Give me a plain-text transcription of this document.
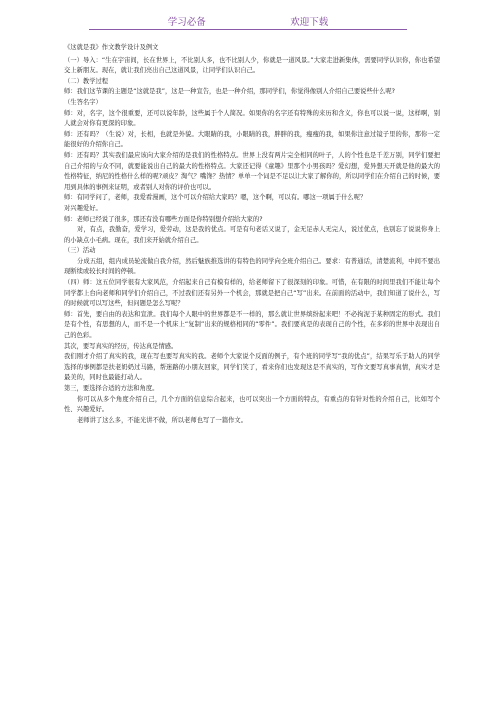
学习必备	欢迎下载

《这就是我》作文教学设计及例文

（一）导入：“生在宇宙间，长在世界上，不比别人多，也不比别人少，你就是一道风景。”大家走进新集体，需要同学认识你，你也希望交上新朋友。现在，就让我们亮出自己这道风景，让同学们认识自己。

（二）教学过程

师：我们这节课的主题是“这就是我”，这是一种宣告，也是一种介绍，那同学们，你觉得像别人介绍自己要说些什么呢?

（生答名字）

师：对，名字，这个很重要，还可以说年龄，这些属于个人简况。如果你的名字还有特殊的来历和含义，你也可以说一说，这样啊，别人就会对你有更深的印象。

师：还有吗？（生说）对，长相，也就是外貌。大眼睛的我，小眼睛的我，胖胖的我，瘦瘦的我，如果你注意过镜子里的你，那你一定能很好的介绍你自己。

师：还有吗？其实我们最应该向大家介绍的是我们的性格特点。世界上没有两片完全相同的叶子，人的个性也是千差万别，同学们要把自己介绍的与众不同，就要能说出自己的最大的性格特点。大家还记得《童趣》里那个小男孩吗？爱幻想，爱异想天开就是他的最大的性格特征，纳尼的性格什么样的呢?顽皮？淘气？嘴馋？热情？单单一个词是不足以让大家了解你的，所以同学们在介绍自己的时候，要用到具体的事例来证明，或者别人对你的评价也可以。

师：有同学问了，老师，我爱看漫画，这个可以介绍给大家吗？嗯，这个啊，可以有。哪这一项属于什么呢？

对兴趣爱好。

师：老师已经说了很多，那还有没有哪些方面是你特别想介绍给大家的?

对，有点，我勤奋，爱学习，爱劳动，这是我的优点。可是有句老话又说了，金无足赤人无完人，说过优点，也别忘了说说你身上的小缺点小毛病。现在，我们来开始就介绍自己。

（三）活动

分成五组，组内成员轮流做自我介绍，然后魅族推选讲的有特色的同学向全班介绍自己。要求：有普通话，清楚流利，中间不要出现断续或较长时间的停顿。

（四）师：这五位同学很有大家风范，介绍起来自己有模有样的，给老师留下了很深刻的印象。可惜，在有限的时间里我们不能让每个同学都上台向老师和同学们介绍自己，不过我们还有另外一个机会，那就是把自己“写”出来。在前面的活动中，我们知道了说什么，写的时候就可以写这些，但问题是怎么写呢？

师：首先，要自由的表达和宣泄。我们每个人眼中的世界都是不一样的，那么就让世界缤纷起来吧！不必拘泥于某种固定的形式。我们是有个性，有思想的人，而不是一个机床上“复制”出来的规格相同的“零件”。我们要真是的表现自己的个性，在多彩的世界中表现出自己的色彩。

其次，要写真实的经历，传达真是情感。

我们刚才介绍了真实的我，现在写也要写真实的我。老师个大家说个反面的例子，有个班的同学写“我的优点”，结果写乐于助人的同学选择的事例都是扶老奶奶过马路，帮迷路的小朋友回家，同学们笑了，看来你们也发现这是不真实的，写作文要写真事真情，真实才是最美的，同时也最能打动人。

第三，要选择合适的方法和角度。

你可以从多个角度介绍自己，几个方面的信息综合起来，也可以突出一个方面的特点，有重点的有针对性的介绍自己，比如写个性、兴趣爱好。

老师讲了这么多，不能光讲不做，所以老师也写了一篇作文。
